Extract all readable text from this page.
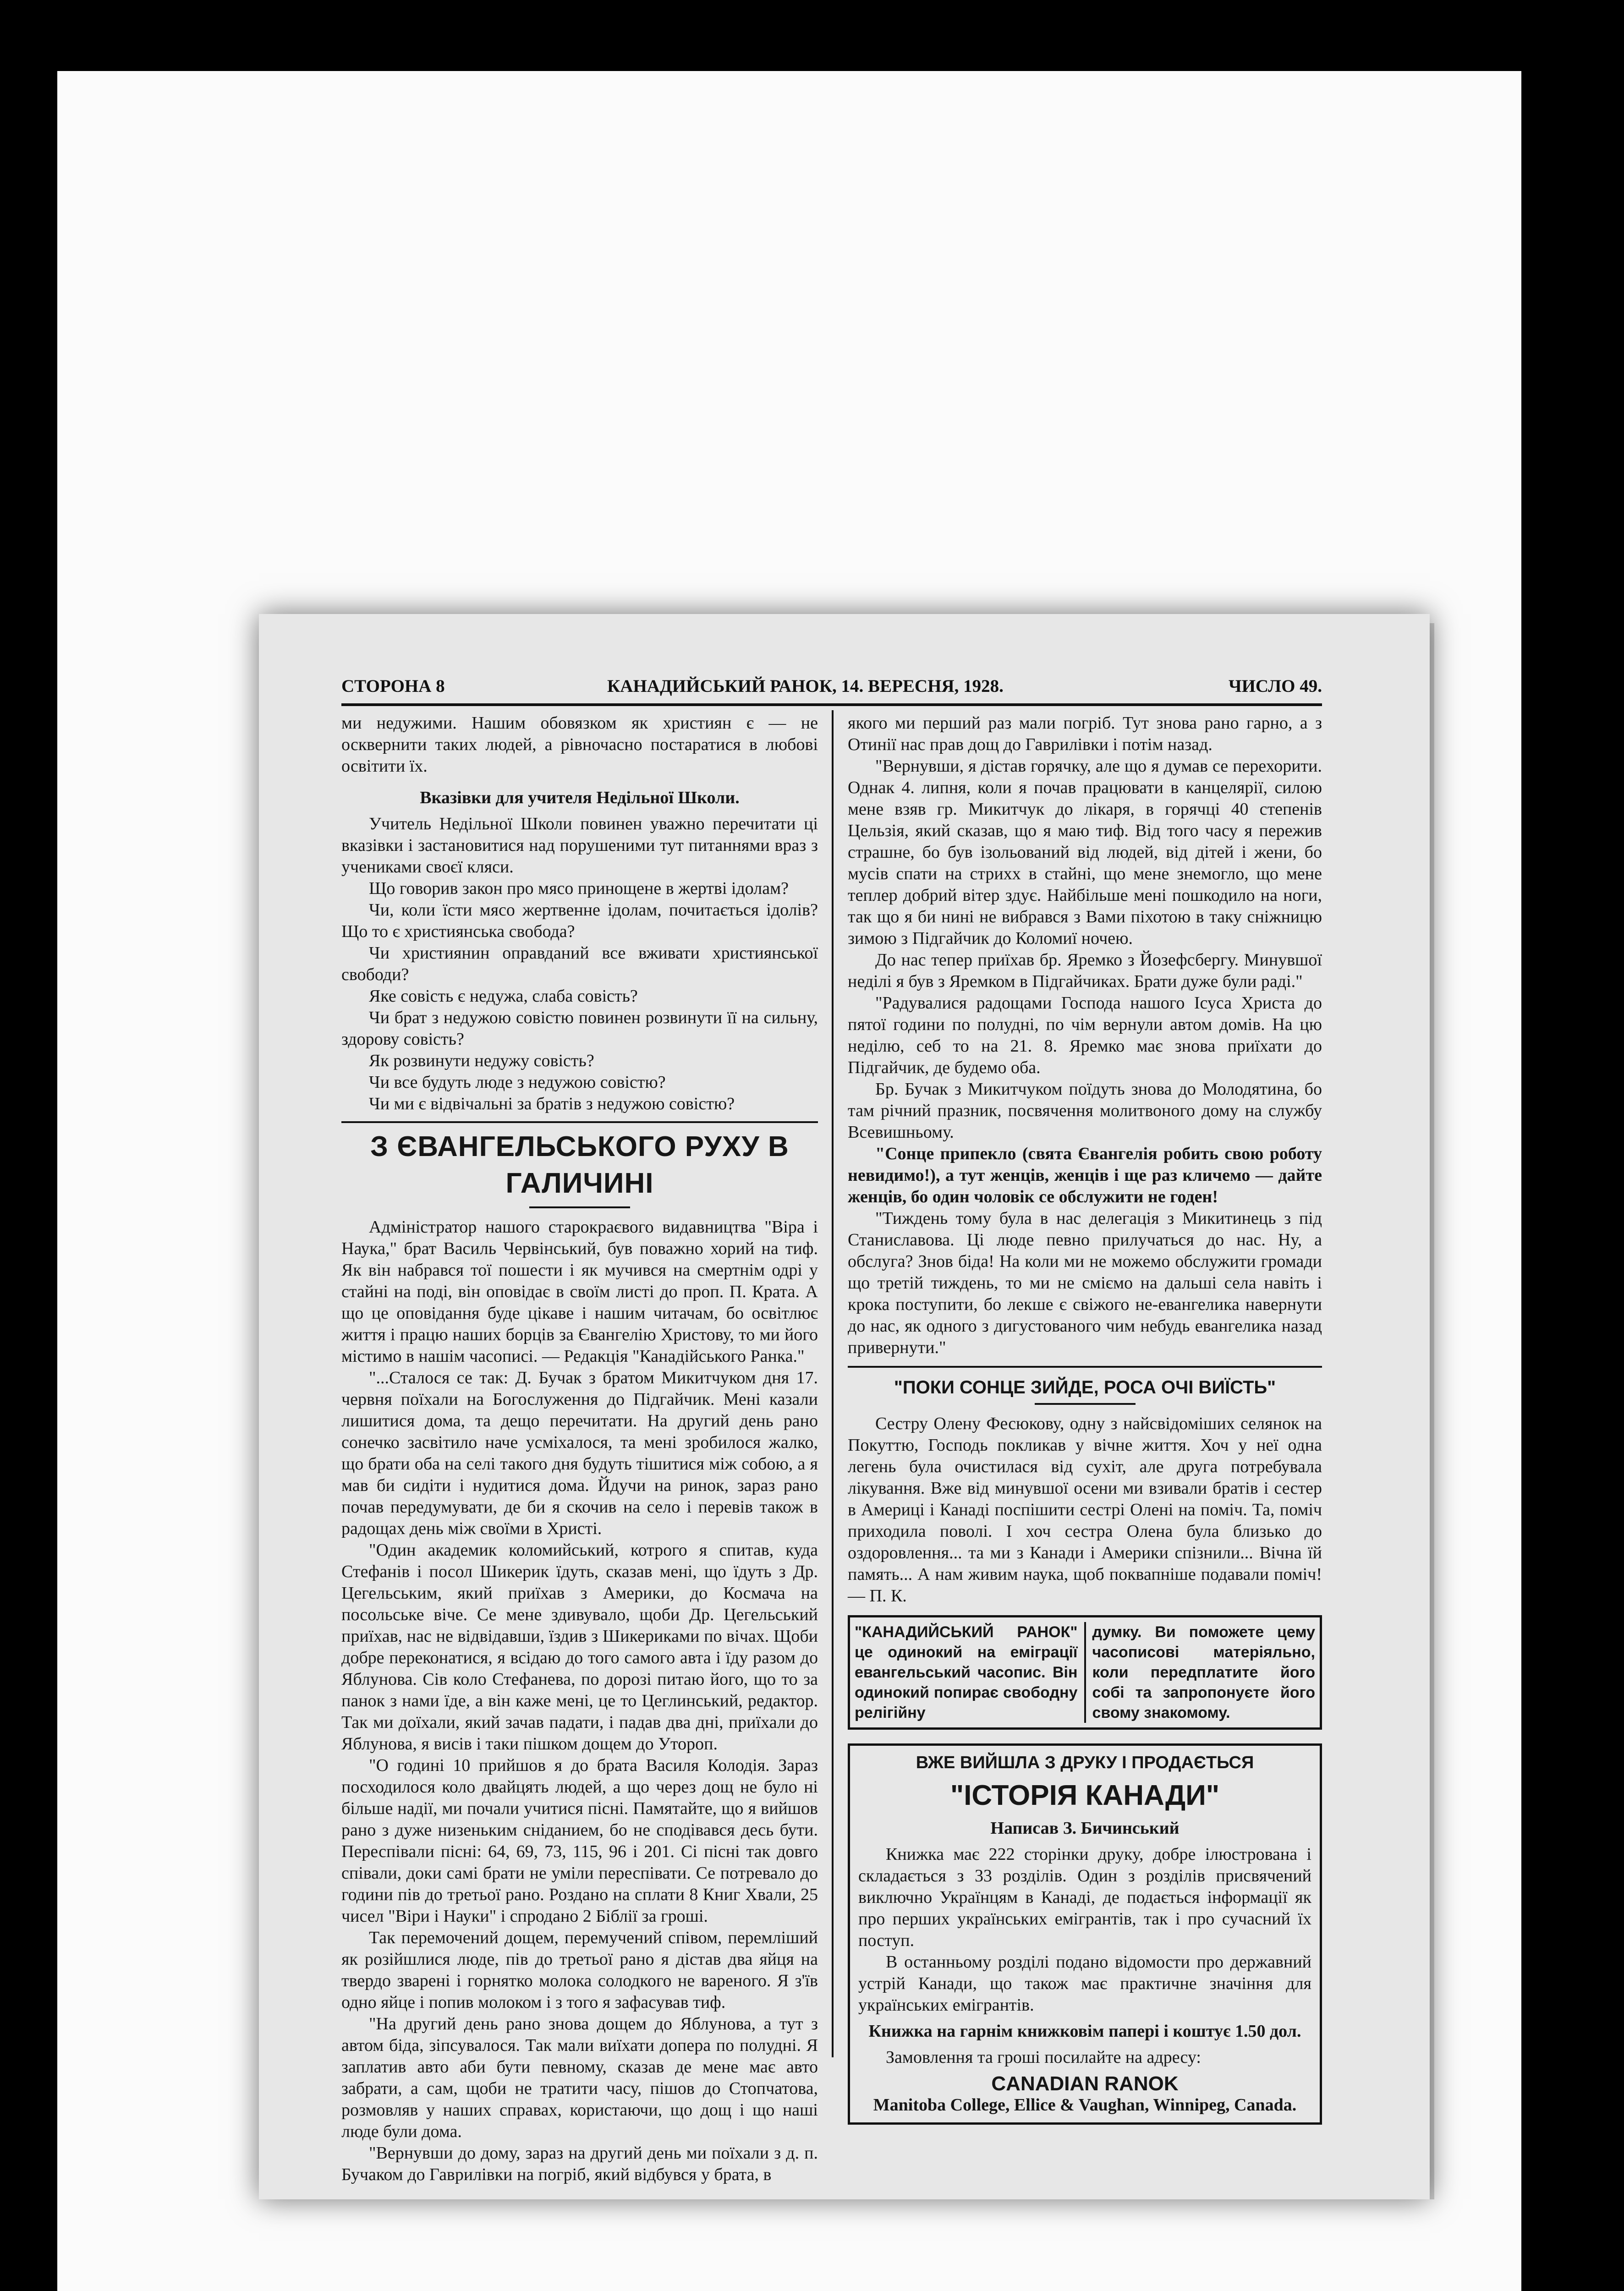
СТОРОНА 8	КАНАДИЙСЬКИЙ РАНОК, 14. ВЕРЕСНЯ, 1928.	ЧИСЛО 49.

ми недужими. Нашим обовязком як християн є — не осквернити таких людей, а рівночасно постаратися в любові освітити їх.

Вказівки для учителя Недільної Школи.

Учитель Недільної Школи повинен уважно перечитати ці вказівки і застановитися над порушеними тут питаннями враз з учениками своєї кляси.

Що говорив закон про мясо принощене в жертві ідолам?

Чи, коли їсти мясо жертвенне ідолам, почитається ідолів? Що то є християнська свобода?

Чи християнин оправданий все вживати християнської свободи?

Яке совість є недужа, слаба совість?

Чи брат з недужою совістю повинен розвинути її на сильну, здорову совість?

Як розвинути недужу совість?

Чи все будуть люде з недужою совістю?

Чи ми є відвічальні за братів з недужою совістю?

З ЄВАНГЕЛЬСЬКОГО РУХУ В ГАЛИЧИНІ

Адміністратор нашого старокраєвого видавництва "Віра і Наука," брат Василь Червінський, був поважно хорий на тиф. Як він набрався тої пошести і як мучився на смертнім одрі у стайні на поді, він оповідає в своїм листі до проп. П. Крата. А що це оповідання буде цікаве і нашим читачам, бо освітлює життя і працю наших борців за Євангелію Христову, то ми його містимо в нашім часописі. — Редакція "Канадійського Ранка."

"...Сталося се так: Д. Бучак з братом Микитчуком дня 17. червня поїхали на Богослуження до Підгайчик. Мені казали лишитися дома, та дещо перечитати. На другий день рано сонечко засвітило наче усміхалося, та мені зробилося жалко, що брати оба на селі такого дня будуть тішитися між собою, а я мав би сидіти і нудитися дома. Йдучи на ринок, зараз рано почав передумувати, де би я скочив на село і перевів також в радощах день між своїми в Христі.

"Один академик коломийський, котрого я спитав, куда Стефанів і посол Шикерик їдуть, сказав мені, що їдуть з Др. Цегельським, який приїхав з Америки, до Космача на посольське віче. Се мене здивувало, щоби Др. Цегельський приїхав, нас не відвідавши, їздив з Шикериками по вічах. Щоби добре переконатися, я всідаю до того самого авта і їду разом до Яблунова. Сів коло Стефанева, по дорозі питаю його, що то за панок з нами їде, а він каже мені, це то Цеглинський, редактор. Так ми доїхали, який зачав падати, і падав два дні, приїхали до Яблунова, я висів і таки пішком дощем до Утороп.

"О годині 10 прийшов я до брата Василя Колодія. Зараз посходилося коло двайцять людей, а що через дощ не було ні більше надії, ми почали учитися пісні. Памятайте, що я вийшов рано з дуже низеньким сніданием, бо не сподівався десь бути. Переспівали пісні: 64, 69, 73, 115, 96 і 201. Сі пісні так довго співали, доки самі брати не уміли переспівати. Се потревало до години пів до третьої рано. Роздано на сплати 8 Книг Хвали, 25 чисел "Віри і Науки" і спродано 2 Біблії за гроші.

Так перемочений дощем, перемучений співом, перемліший як розійшлися люде, пів до третьої рано я дістав два яйця на твердо зварені і горнятко молока солодкого не вареного. Я з'їв одно яйце і попив молоком і з того я зафасував тиф.

"На другий день рано знова дощем до Яблунова, а тут з автом біда, зіпсувалося. Так мали виїхати допера по полудні. Я заплатив авто аби бути певному, сказав де мене має авто забрати, а сам, щоби не тратити часу, пішов до Стопчатова, розмовляв у наших справах, користаючи, що дощ і що наші люде були дома.

"Вернувши до дому, зараз на другий день ми поїхали з д. п. Бучаком до Гаврилівки на погріб, який відбувся у брата, в

якого ми перший раз мали погріб. Тут знова рано гарно, а з Отинії нас прав дощ до Гаврилівки і потім назад.

"Вернувши, я дістав горячку, але що я думав се перехорити. Однак 4. липня, коли я почав працювати в канцелярії, силою мене взяв гр. Микитчук до лікаря, в горячці 40 степенів Цельзія, який сказав, що я маю тиф. Від того часу я пережив страшне, бо був ізольований від людей, від дітей і жени, бо мусів спати на стрихх в стайні, що мене знемогло, що мене теплер добрий вітер здує. Найбільше мені пошкодило на ноги, так що я би нині не вибрався з Вами піхотою в таку сніжницю зимою з Підгайчик до Коломиї ночею.

До нас тепер приїхав бр. Яремко з Йозефсбергу. Минувшої неділі я був з Яремком в Підгайчиках. Брати дуже були раді."

"Радувалися радощами Господа нашого Ісуса Христа до пятої години по полудні, по чім вернули автом домів. На цю неділю, себ то на 21. 8. Яремко має знова приїхати до Підгайчик, де будемо оба.

Бр. Бучак з Микитчуком поїдуть знова до Молодятина, бо там річний празник, посвячення молитвоного дому на службу Всевишньому.

"Сонце припекло (свята Євангелія робить свою роботу невидимо!), а тут женців, женців і ще раз кличемо — дайте женців, бо один чоловік се обслужити не годен!

"Тиждень тому була в нас делегація з Микитинець з під Станиславова. Ці люде певно прилучаться до нас. Ну, а обслуга? Знов біда! На коли ми не можемо обслужити громади що третій тиждень, то ми не сміємо на дальші села навіть і крока поступити, бо лекше є свіжого не-евангелика навернути до нас, як одного з дигустованого чим небудь евангелика назад привернути."

"ПОКИ СОНЦЕ ЗИЙДЕ, РОСА ОЧІ ВИЇСТЬ"

Сестру Олену Фесюкову, одну з найсвідоміших селянок на Покуттю, Господь покликав у вічне життя. Хоч у неї одна легень була очистилася від сухіт, але друга потребувала лікування. Вже від минувшої осени ми взивали братів і сестер в Америці і Канаді поспішити сестрі Олені на поміч. Та, поміч приходила поволі. І хоч сестра Олена була близько до оздоровлення... та ми з Канади і Америки спізнили... Вічна їй память... А нам живим наука, щоб поквапніше подавали поміч! — П. К.

"КАНАДИЙСЬКИЙ РАНОК" це одинокий на еміграції евангельський часопис. Він одинокий попирає свободну релігійну
думку. Ви поможете цему часописові матеріяльно, коли передплатите його собі та запропонуєте його свому знакомому.

ВЖЕ ВИЙШЛА З ДРУКУ І ПРОДАЄТЬСЯ

"ІСТОРІЯ КАНАДИ"

Написав З. Бичинський

Книжка має 222 сторінки друку, добре ілюстрована і складається з 33 розділів. Один з розділів присвячений виключно Українцям в Канаді, де подається інформації як про перших українських емігрантів, так і про сучасний їх поступ.

В останньому розділі подано відомости про державний устрій Канади, що також має практичне значіння для українських емігрантів.

Книжка на гарнім книжковім папері і коштує 1.50 дол.

Замовлення та гроші посилайте на адресу:

CANADIAN RANOK

Manitoba College, Ellice & Vaughan, Winnipeg, Canada.
